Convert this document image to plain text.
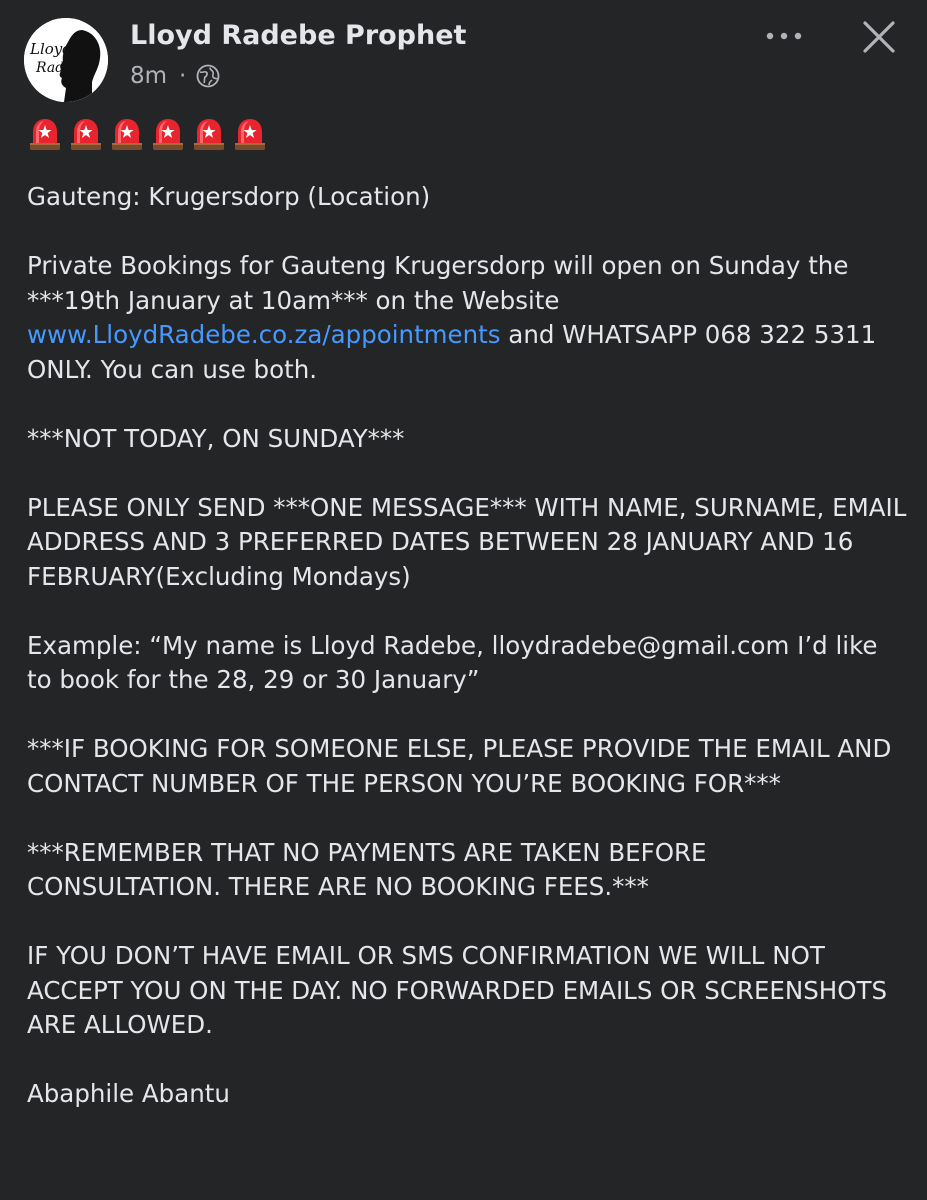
Lloyd
Radebe
Lloyd Radebe Prophet
8m ·

Gauteng: Krugersdorp (Location)

Private Bookings for Gauteng Krugersdorp will open on Sunday the ***19th January at 10am*** on the Website www.LloydRadebe.co.za/appointments and WHATSAPP 068 322 5311 ONLY. You can use both.

***NOT TODAY, ON SUNDAY***

PLEASE ONLY SEND ***ONE MESSAGE*** WITH NAME, SURNAME, EMAIL ADDRESS AND 3 PREFERRED DATES BETWEEN 28 JANUARY AND 16 FEBRUARY(Excluding Mondays)

Example: “My name is Lloyd Radebe, lloydradebe@gmail.com I’d like to book for the 28, 29 or 30 January”

***IF BOOKING FOR SOMEONE ELSE, PLEASE PROVIDE THE EMAIL AND CONTACT NUMBER OF THE PERSON YOU’RE BOOKING FOR***

***REMEMBER THAT NO PAYMENTS ARE TAKEN BEFORE CONSULTATION. THERE ARE NO BOOKING FEES.***

IF YOU DON’T HAVE EMAIL OR SMS CONFIRMATION WE WILL NOT ACCEPT YOU ON THE DAY. NO FORWARDED EMAILS OR SCREENSHOTS ARE ALLOWED.

Abaphile Abantu
